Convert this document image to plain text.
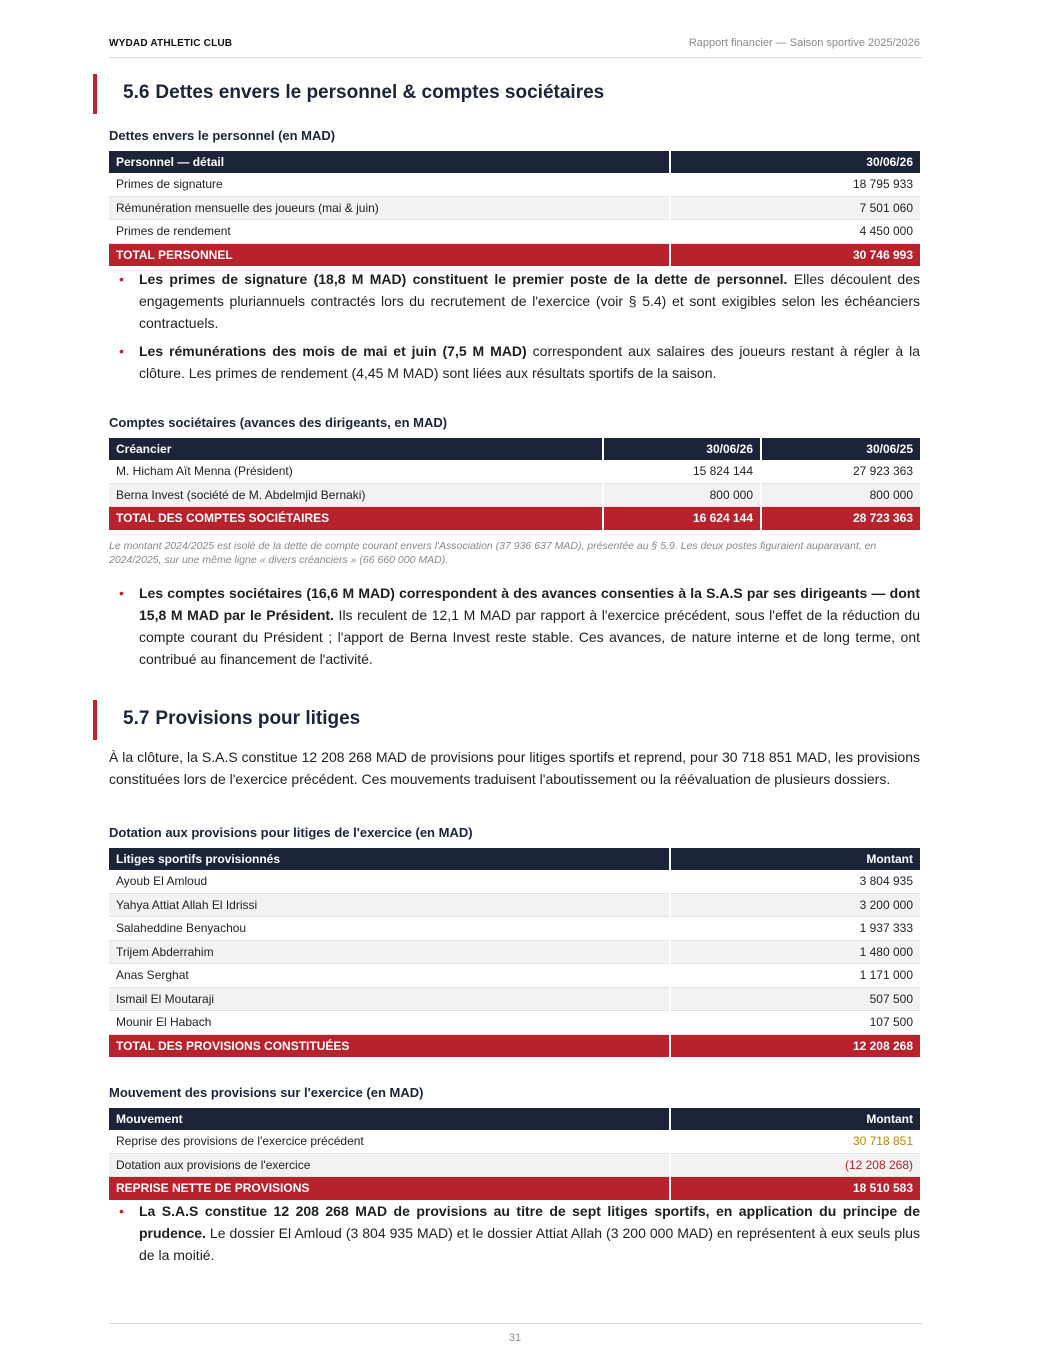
WYDAD ATHLETIC CLUB	Rapport financier — Saison sportive 2025/2026
5.6 Dettes envers le personnel & comptes sociétaires
Dettes envers le personnel (en MAD)
Personnel — détail	30/06/26
Primes de signature	18 795 933
Rémunération mensuelle des joueurs (mai & juin)	7 501 060
Primes de rendement	4 450 000
TOTAL PERSONNEL	30 746 993
• Les primes de signature (18,8 M MAD) constituent le premier poste de la dette de personnel. Elles découlent des engagements pluriannuels contractés lors du recrutement de l'exercice (voir § 5.4) et sont exigibles selon les échéanciers contractuels.
• Les rémunérations des mois de mai et juin (7,5 M MAD) correspondent aux salaires des joueurs restant à régler à la clôture. Les primes de rendement (4,45 M MAD) sont liées aux résultats sportifs de la saison.
Comptes sociétaires (avances des dirigeants, en MAD)
Créancier	30/06/26	30/06/25
M. Hicham Aït Menna (Président)	15 824 144	27 923 363
Berna Invest (société de M. Abdelmjid Bernaki)	800 000	800 000
TOTAL DES COMPTES SOCIÉTAIRES	16 624 144	28 723 363

Le montant 2024/2025 est isolé de la dette de compte courant envers l'Association (37 936 637 MAD), présentée au § 5.9. Les deux postes figuraient auparavant, en 2024/2025, sur une même ligne « divers créanciers » (66 660 000 MAD).

• Les comptes sociétaires (16,6 M MAD) correspondent à des avances consenties à la S.A.S par ses dirigeants — dont 15,8 M MAD par le Président. Ils reculent de 12,1 M MAD par rapport à l'exercice précédent, sous l'effet de la réduction du compte courant du Président ; l'apport de Berna Invest reste stable. Ces avances, de nature interne et de long terme, ont contribué au financement de l'activité.
5.7 Provisions pour litiges

À la clôture, la S.A.S constitue 12 208 268 MAD de provisions pour litiges sportifs et reprend, pour 30 718 851 MAD, les provisions constituées lors de l'exercice précédent. Ces mouvements traduisent l'aboutissement ou la réévaluation de plusieurs dossiers.

Dotation aux provisions pour litiges de l'exercice (en MAD)
Litiges sportifs provisionnés	Montant
Ayoub El Amloud	3 804 935
Yahya Attiat Allah El Idrissi	3 200 000
Salaheddine Benyachou	1 937 333
Trijem Abderrahim	1 480 000
Anas Serghat	1 171 000
Ismail El Moutaraji	507 500
Mounir El Habach	107 500
TOTAL DES PROVISIONS CONSTITUÉES	12 208 268
Mouvement des provisions sur l'exercice (en MAD)
Mouvement	Montant
Reprise des provisions de l'exercice précédent	30 718 851
Dotation aux provisions de l'exercice	(12 208 268)
REPRISE NETTE DE PROVISIONS	18 510 583
• La S.A.S constitue 12 208 268 MAD de provisions au titre de sept litiges sportifs, en application du principe de prudence. Le dossier El Amloud (3 804 935 MAD) et le dossier Attiat Allah (3 200 000 MAD) en représentent à eux seuls plus de la moitié.
31
